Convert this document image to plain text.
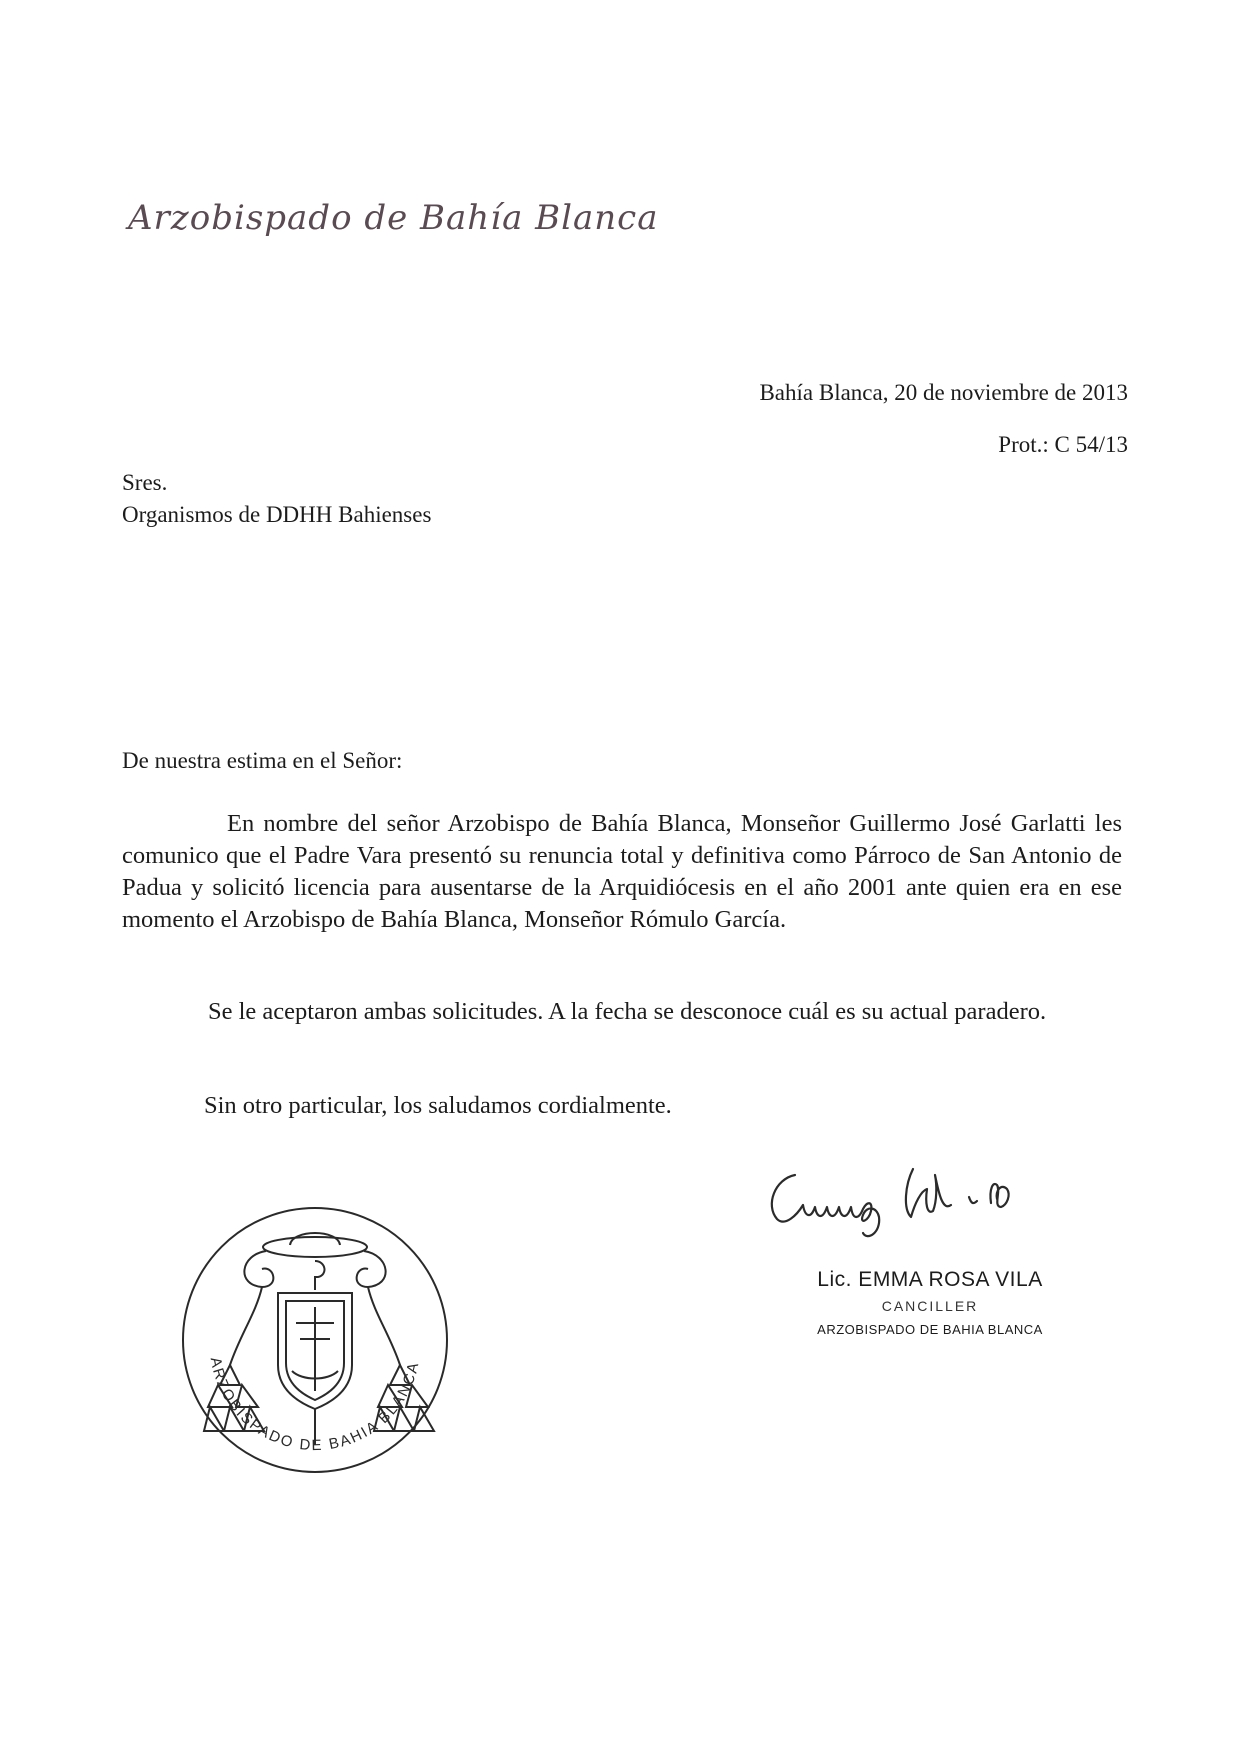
Arzobispado de Bahía Blanca
Bahía Blanca, 20 de noviembre de 2013
Prot.: C 54/13
Sres.
Organismos de DDHH Bahienses
De nuestra estima en el Señor:
En nombre del señor Arzobispo de Bahía Blanca, Monseñor Guillermo José Garlatti les comunico que el Padre Vara presentó su renuncia total y definitiva como Párroco de San Antonio de Padua y solicitó licencia para ausentarse de la Arquidiócesis en el año 2001 ante quien era en ese momento el Arzobispo de Bahía Blanca, Monseñor Rómulo García.
Se le aceptaron ambas solicitudes. A la fecha se desconoce cuál es su actual paradero.
Sin otro particular, los saludamos cordialmente.
Lic. EMMA ROSA VILA
CANCILLER
ARZOBISPADO DE BAHIA BLANCA
ARZOBISPADO DE BAHIA BLANCA
